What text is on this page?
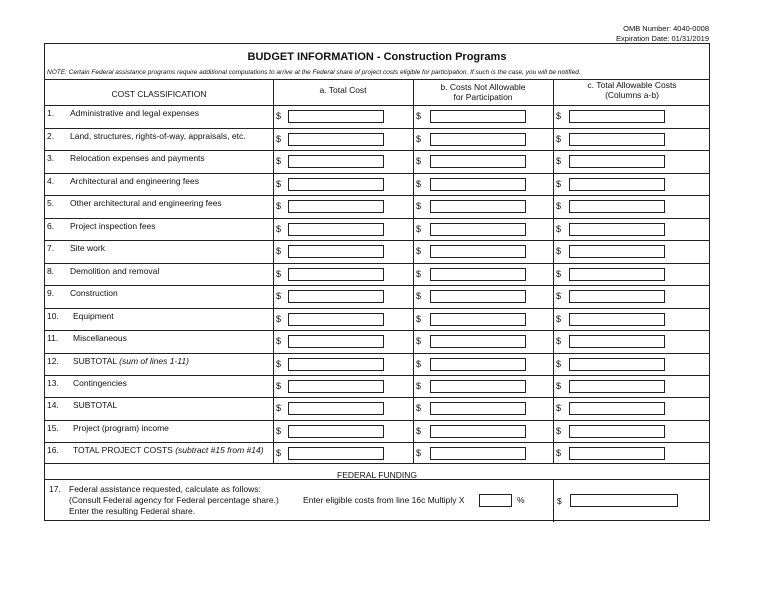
OMB Number: 4040-0008
Expiration Date: 01/31/2019
BUDGET INFORMATION - Construction Programs
NOTE: Certain Federal assistance programs require additional computations to arrive at the Federal share of project costs eligible for participation. If such is the case, you will be notified.
COST CLASSIFICATION	a. Total Cost	b. Costs Not Allowable
for Participation
c. Total Allowable Costs
(Columns a-b)
1. Administrative and legal expenses	$	$	$
2. Land, structures, rights-of-way, appraisals, etc.	$	$	$
3. Relocation expenses and payments	$	$	$
4. Architectural and engineering fees	$	$	$
5. Other architectural and engineering fees	$	$	$
6. Project inspection fees	$	$	$
7. Site work	$	$	$
8. Demolition and removal	$	$	$
9. Construction	$	$	$
10. Equipment	$	$	$
11. Miscellaneous	$	$	$
12. SUBTOTAL (sum of lines 1-11)	$	$	$
13. Contingencies	$	$	$
14. SUBTOTAL	$	$	$
15. Project (program) income	$	$	$
16. TOTAL PROJECT COSTS (subtract #15 from #14) $	$	$
FEDERAL FUNDING
17. Federal assistance requested, calculate as follows:
(Consult Federal agency for Federal percentage share.)
Enter the resulting Federal share.
Enter eligible costs from line 16c Multiply X	%	$
